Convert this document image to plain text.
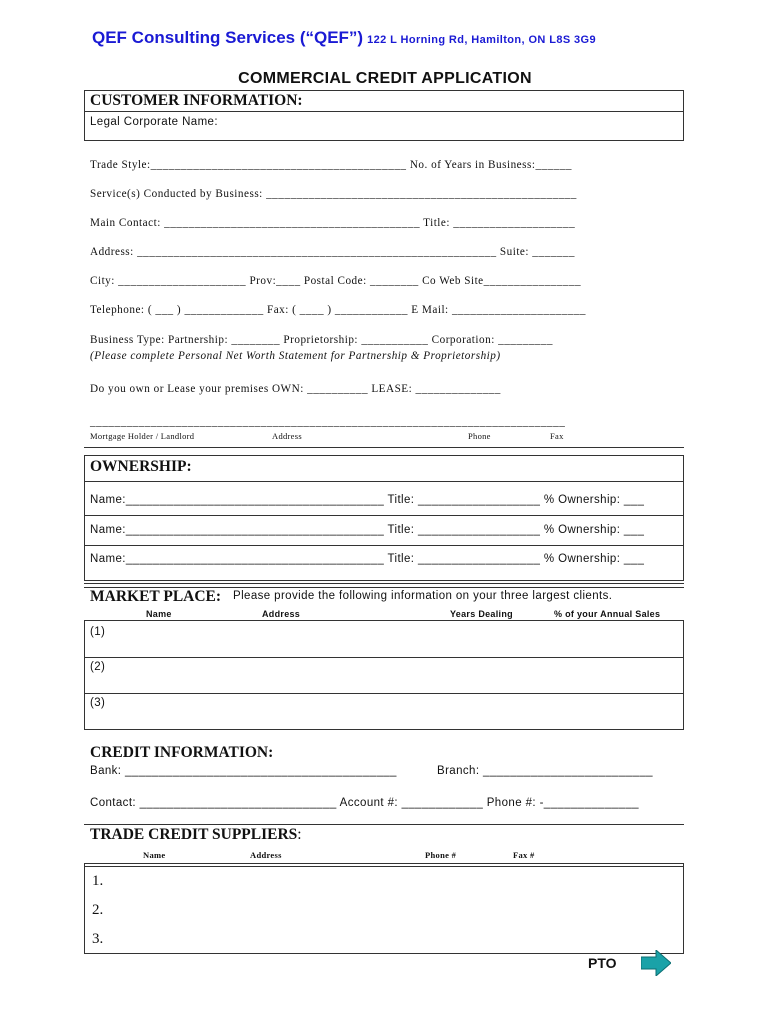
QEF Consulting Services (“QEF”) 122 L Horning Rd, Hamilton, ON L8S 3G9
COMMERCIAL CREDIT APPLICATION
CUSTOMER INFORMATION:
Legal Corporate Name:
Trade Style:__________________________________________ No. of Years in Business:______
Service(s) Conducted by Business: ___________________________________________________
Main Contact: __________________________________________ Title: ____________________
Address: ___________________________________________________________ Suite: _______
City: _____________________ Prov:____ Postal Code: ________ Co Web Site________________
Telephone: ( ___ ) _____________ Fax: ( ____ ) ____________ E Mail: ______________________
Business Type: Partnership: ________ Proprietorship: ___________ Corporation: _________
(Please complete Personal Net Worth Statement for Partnership & Proprietorship)
Do you own or Lease your premises OWN: __________ LEASE: ______________
______________________________________________________________________________
Mortgage Holder / Landlord	Address	Phone	Fax
OWNERSHIP:
Name:______________________________________ Title: __________________ % Ownership: ___
Name:______________________________________ Title: __________________ % Ownership: ___
Name:______________________________________ Title: __________________ % Ownership: ___
MARKET PLACE: Please provide the following information on your three largest clients.
Name	Address	Years Dealing	% of your Annual Sales
(1)
(2)
(3)
CREDIT INFORMATION:
Bank: ________________________________________	Branch: _________________________
Contact: _____________________________ Account #: ____________ Phone #: -______________
TRADE CREDIT SUPPLIERS:
Name	Address	Phone #	Fax #
1.
2.
3.
PTO
